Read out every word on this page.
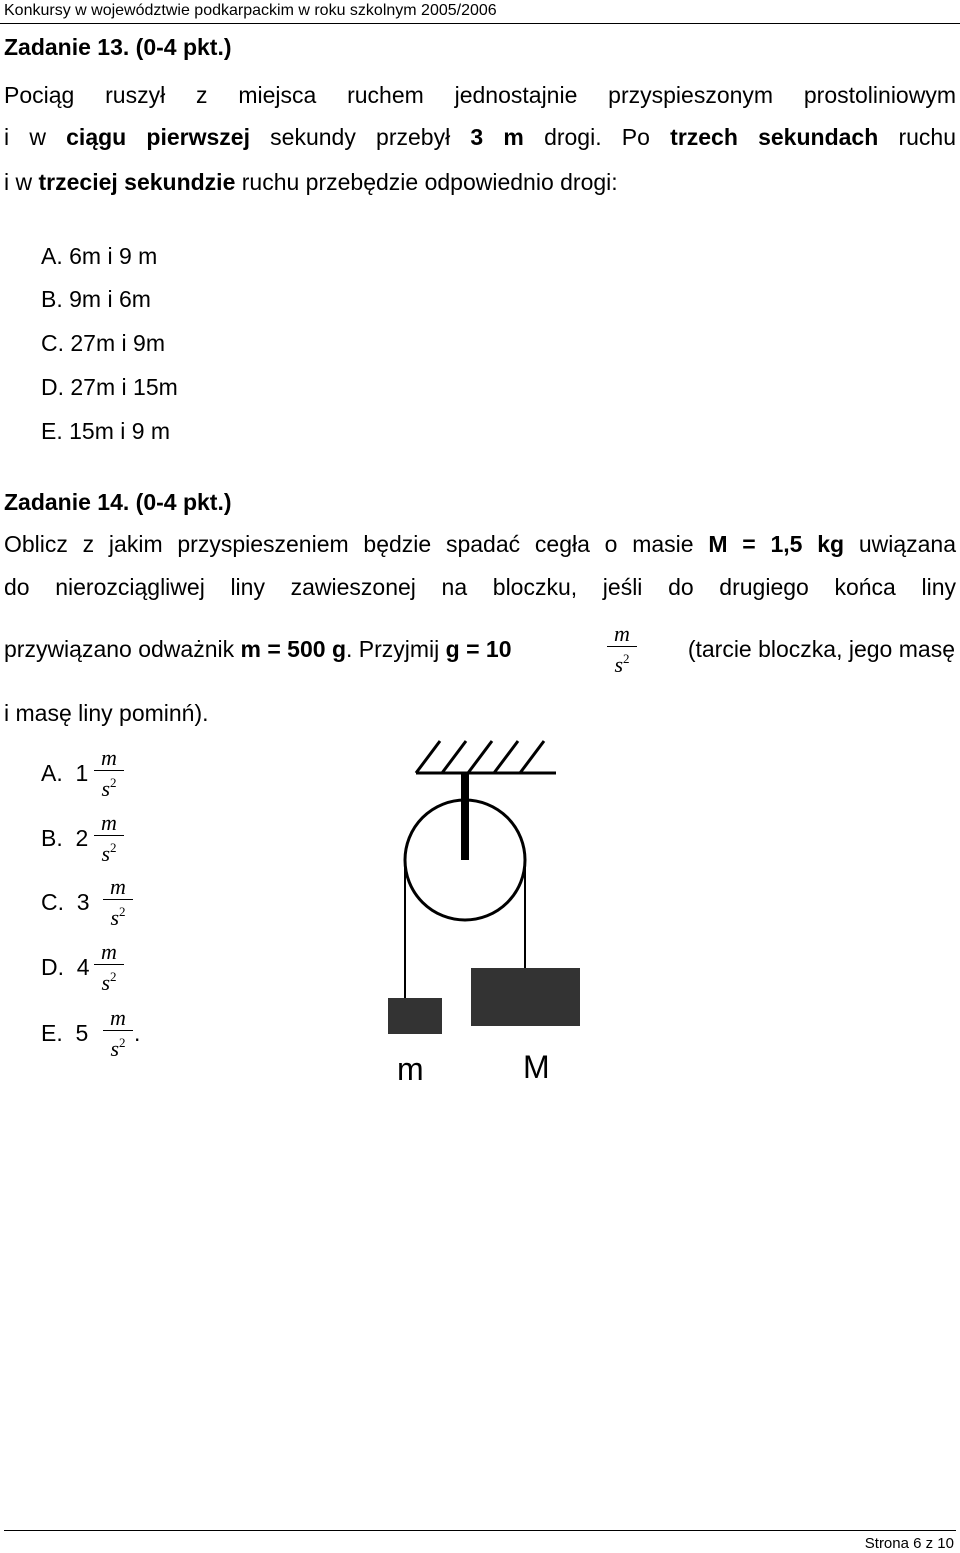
Konkursy w województwie podkarpackim w roku szkolnym 2005/2006
Zadanie 13. (0-4 pkt.)
Pociąg ruszył z miejsca ruchem jednostajnie przyspieszonym prostoliniowym
i w ciągu pierwszej sekundy przebył 3 m drogi. Po trzech sekundach ruchu
i w trzeciej sekundzie ruchu przebędzie odpowiednio drogi:
A. 6m i 9 m
B. 9m i 6m
C. 27m i 9m
D. 27m i 15m
E. 15m i 9 m
Zadanie 14. (0-4 pkt.)
Oblicz z jakim przyspieszeniem będzie spadać cegła o masie M = 1,5 kg uwiązana
do nierozciągliwej liny zawieszonej na bloczku, jeśli do drugiego końca liny
przywiązano odważnik m = 500 g. Przyjmij g = 10
m
$s^2$	(tarcie bloczka, jego masę
i masę liny pominń).
A. 1
m
$s^2$
B. 2
m
$s^2$
C. 3
m
$s^2$
D. 4
m
$s^2$
E. 5
m
$s^2$ .
m	M
Strona 6 z 10
